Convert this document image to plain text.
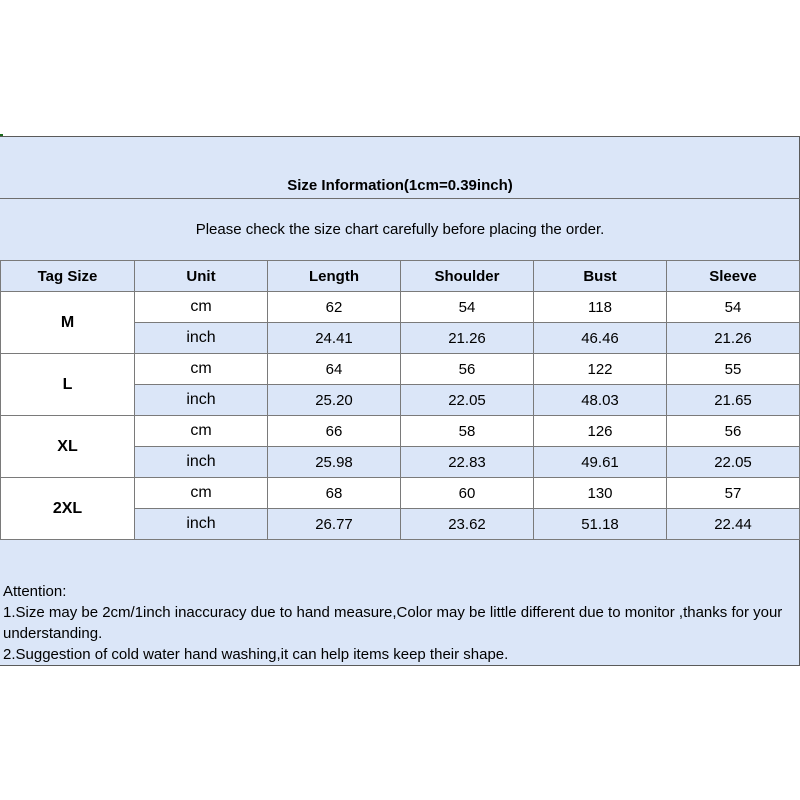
Size Information(1cm=0.39inch)
Please check the size chart carefully before placing the order.
Tag Size	Unit	Length	Shoulder	Bust	Sleeve
M	cm	62	54	118	54
	inch	24.41	21.26	46.46	21.26
L	cm	64	56	122	55
	inch	25.20	22.05	48.03	21.65
XL	cm	66	58	126	56
	inch	25.98	22.83	49.61	22.05
2XL	cm	68	60	130	57
	inch	26.77	23.62	51.18	22.44

Attention:

1.Size may be 2cm/1inch inaccuracy due to hand measure,Color may be little different due to monitor ,thanks for your understanding.

2.Suggestion of cold water hand washing,it can help items keep their shape.
